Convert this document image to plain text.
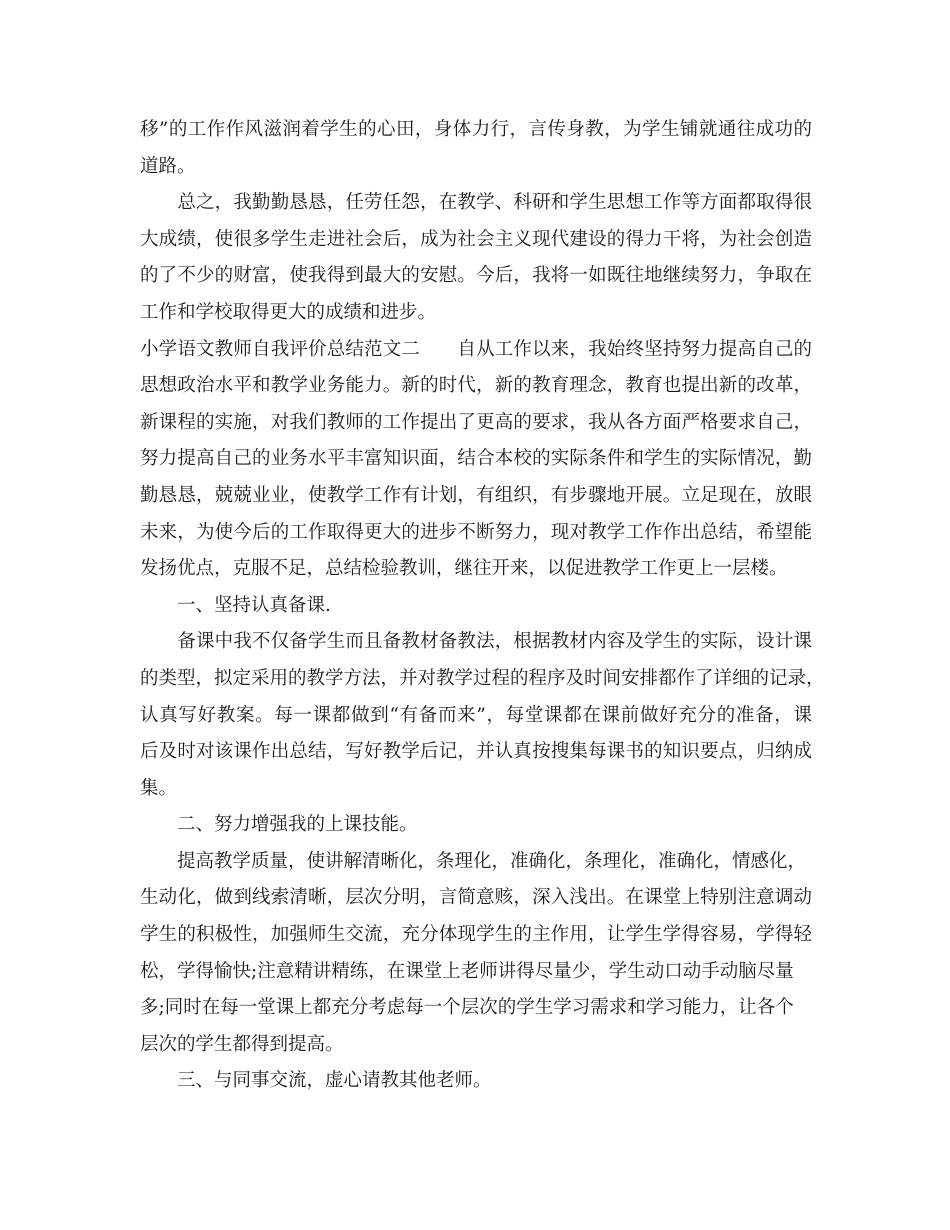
移”的工作作风滋润着学生的心田，身体力行，言传身教，为学生铺就通往成功的
道路。
　　总之，我勤勤恳恳，任劳任怨，在教学、科研和学生思想工作等方面都取得很
大成绩，使很多学生走进社会后，成为社会主义现代建设的得力干将，为社会创造
的了不少的财富，使我得到最大的安慰。今后，我将一如既往地继续努力，争取在
工作和学校取得更大的成绩和进步。
小学语文教师自我评价总结范文二　　自从工作以来，我始终坚持努力提高自己的
思想政治水平和教学业务能力。新的时代，新的教育理念，教育也提出新的改革，
新课程的实施，对我们教师的工作提出了更高的要求，我从各方面严格要求自己，
努力提高自己的业务水平丰富知识面，结合本校的实际条件和学生的实际情况，勤
勤恳恳，兢兢业业，使教学工作有计划，有组织，有步骤地开展。立足现在，放眼
未来，为使今后的工作取得更大的进步不断努力，现对教学工作作出总结，希望能
发扬优点，克服不足，总结检验教训，继往开来，以促进教学工作更上一层楼。
　　一、坚持认真备课.
　　备课中我不仅备学生而且备教材备教法，根据教材内容及学生的实际，设计课
的类型，拟定采用的教学方法，并对教学过程的程序及时间安排都作了详细的记录，
认真写好教案。每一课都做到“有备而来”，每堂课都在课前做好充分的准备，课
后及时对该课作出总结，写好教学后记，并认真按搜集每课书的知识要点，归纳成
集。
　　二、努力增强我的上课技能。
　　提高教学质量，使讲解清晰化，条理化，准确化，条理化，准确化，情感化，
生动化，做到线索清晰，层次分明，言简意赅，深入浅出。在课堂上特别注意调动
学生的积极性，加强师生交流，充分体现学生的主作用，让学生学得容易，学得轻
松，学得愉快;注意精讲精练，在课堂上老师讲得尽量少，学生动口动手动脑尽量
多;同时在每一堂课上都充分考虑每一个层次的学生学习需求和学习能力，让各个
层次的学生都得到提高。
　　三、与同事交流，虚心请教其他老师。
